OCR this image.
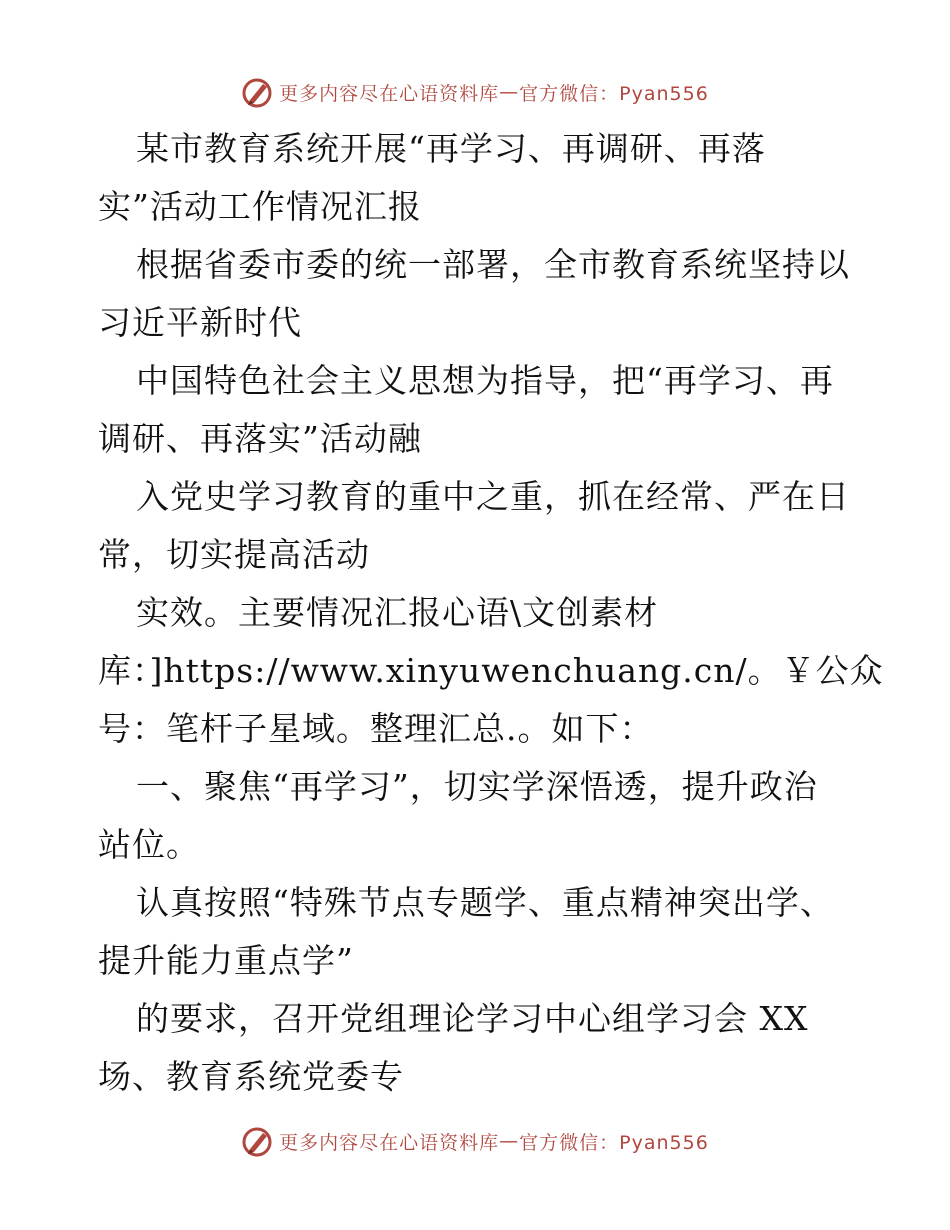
更多内容尽在心语资料库 — 官方微信：Pyan556
某市教育系统开展“再学习、再调研、再落
实”活动工作情况汇报
根据省委市委的统一部署，全市教育系统坚持以
习近平新时代
中国特色社会主义思想为指导，把“再学习、再
调研、再落实”活动融
入党史学习教育的重中之重，抓在经常、严在日
常，切实提高活动
实效。主要情况汇报心语\文创素材
库：]https://www.xinyuwenchuang.cn/。￥公众
号：笔杆子星域。整理汇总.。如下：
一、聚焦“再学习”，切实学深悟透，提升政治
站位。
认真按照“特殊节点专题学、重点精神突出学、
提升能力重点学”
的要求，召开党组理论学习中心组学习会 XX
场、教育系统党委专
更多内容尽在心语资料库 — 官方微信：Pyan556
